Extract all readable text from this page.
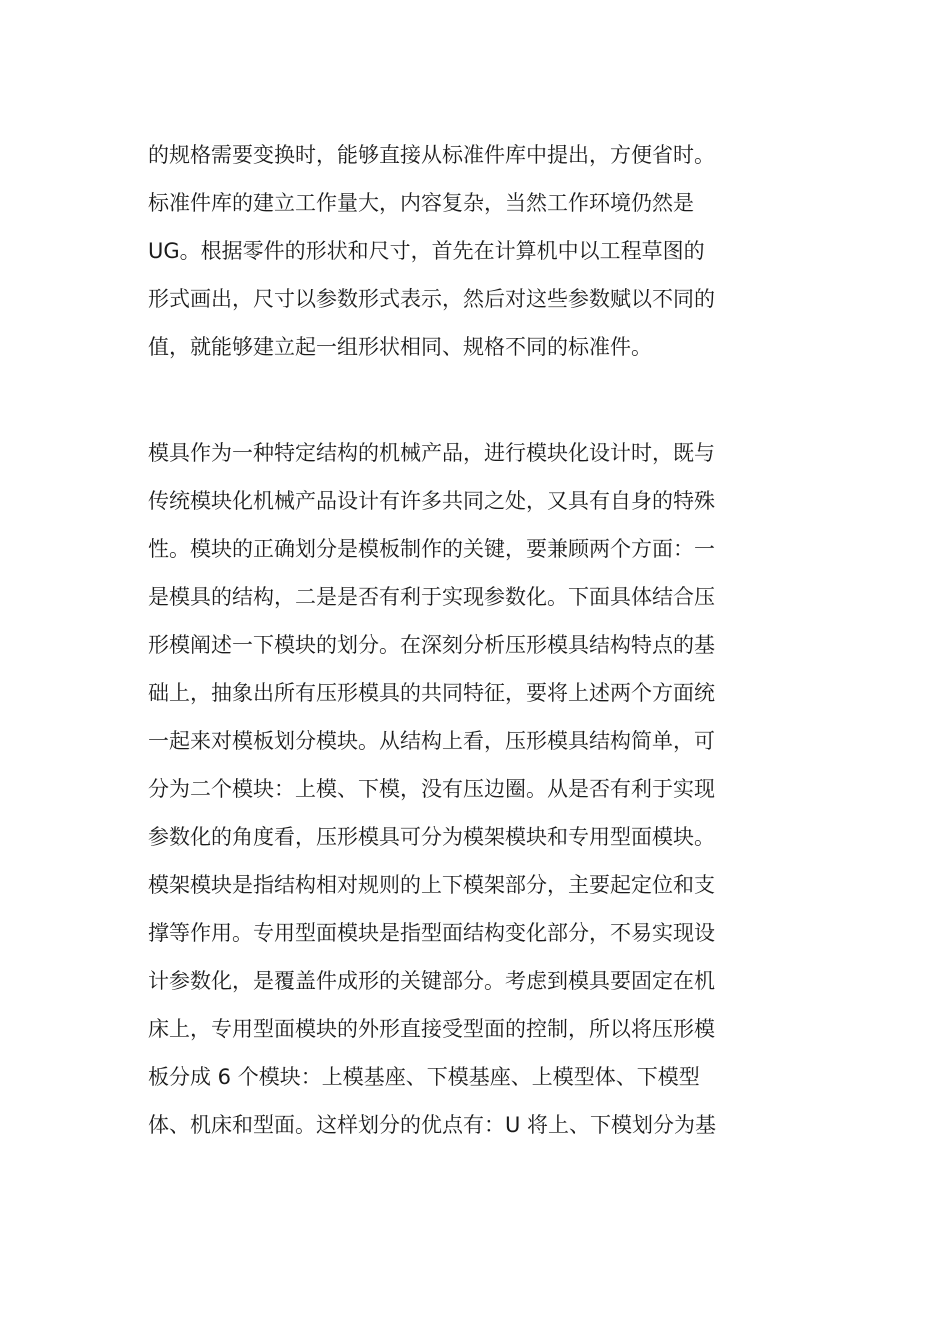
的规格需要变换时，能够直接从标准件库中提出，方便省时。
标准件库的建立工作量大，内容复杂，当然工作环境仍然是
UG。根据零件的形状和尺寸，首先在计算机中以工程草图的
形式画出，尺寸以参数形式表示，然后对这些参数赋以不同的
值，就能够建立起一组形状相同、规格不同的标准件。
模具作为一种特定结构的机械产品，进行模块化设计时，既与
传统模块化机械产品设计有许多共同之处，又具有自身的特殊
性。模块的正确划分是模板制作的关键，要兼顾两个方面：一
是模具的结构，二是是否有利于实现参数化。下面具体结合压
形模阐述一下模块的划分。在深刻分析压形模具结构特点的基
础上，抽象出所有压形模具的共同特征，要将上述两个方面统
一起来对模板划分模块。从结构上看，压形模具结构简单，可
分为二个模块：上模、下模，没有压边圈。从是否有利于实现
参数化的角度看，压形模具可分为模架模块和专用型面模块。
模架模块是指结构相对规则的上下模架部分，主要起定位和支
撑等作用。专用型面模块是指型面结构变化部分，不易实现设
计参数化，是覆盖件成形的关键部分。考虑到模具要固定在机
床上，专用型面模块的外形直接受型面的控制，所以将压形模
板分成 6 个模块：上模基座、下模基座、上模型体、下模型
体、机床和型面。这样划分的优点有：U 将上、下模划分为基
